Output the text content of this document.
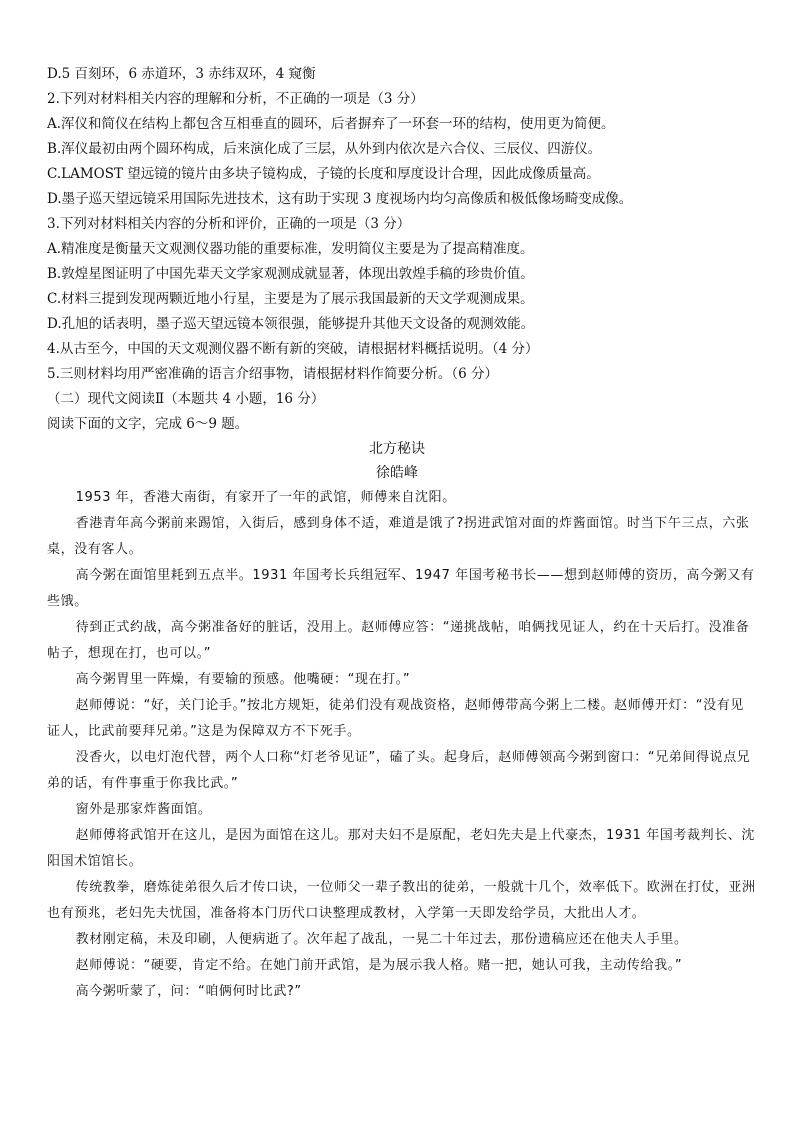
D.5 百刻环，6 赤道环，3 赤纬双环，4 窥衡
2.下列对材料相关内容的理解和分析，不正确的一项是（3 分）
A.浑仪和简仪在结构上都包含互相垂直的圆环，后者摒弃了一环套一环的结构，使用更为简便。
B.浑仪最初由两个圆环构成，后来演化成了三层，从外到内依次是六合仪、三辰仪、四游仪。
C.LAMOST 望远镜的镜片由多块子镜构成，子镜的长度和厚度设计合理，因此成像质量高。
D.墨子巡天望远镜采用国际先进技术，这有助于实现 3 度视场内均匀高像质和极低像场畸变成像。
3.下列对材料相关内容的分析和评价，正确的一项是（3 分）
A.精准度是衡量天文观测仪器功能的重要标准，发明简仪主要是为了提高精准度。
B.敦煌星图证明了中国先辈天文学家观测成就显著，体现出敦煌手稿的珍贵价值。
C.材料三提到发现两颗近地小行星，主要是为了展示我国最新的天文学观测成果。
D.孔旭的话表明，墨子巡天望远镜本领很强，能够提升其他天文设备的观测效能。
4.从古至今，中国的天文观测仪器不断有新的突破，请根据材料概括说明。（4 分）
5.三则材料均用严密准确的语言介绍事物，请根据材料作简要分析。（6 分）
（二）现代文阅读Ⅱ（本题共 4 小题，16 分）
阅读下面的文字，完成 6～9 题。
北方秘诀
徐皓峰

1953 年，香港大南街，有家开了一年的武馆，师傅来自沈阳。

香港青年高今粥前来踢馆，入街后，感到身体不适，难道是饿了?拐进武馆对面的炸酱面馆。时当下午三点，六张桌，没有客人。

高今粥在面馆里耗到五点半。1931 年国考长兵组冠军、1947 年国考秘书长——想到赵师傅的资历，高今粥又有些饿。

待到正式约战，高今粥准备好的脏话，没用上。赵师傅应答：“递挑战帖，咱俩找见证人，约在十天后打。没准备帖子，想现在打，也可以。”

高今粥胃里一阵燥，有要输的预感。他嘴硬：“现在打。”

赵师傅说：“好，关门论手。”按北方规矩，徒弟们没有观战资格，赵师傅带高今粥上二楼。赵师傅开灯：“没有见证人，比武前要拜兄弟。”这是为保障双方不下死手。

没香火，以电灯泡代替，两个人口称“灯老爷见证”，磕了头。起身后，赵师傅领高今粥到窗口：“兄弟间得说点兄弟的话，有件事重于你我比武。”

窗外是那家炸酱面馆。

赵师傅将武馆开在这儿，是因为面馆在这儿。那对夫妇不是原配，老妇先夫是上代豪杰，1931 年国考裁判长、沈阳国术馆馆长。

传统教拳，磨炼徒弟很久后才传口诀，一位师父一辈子教出的徒弟，一般就十几个，效率低下。欧洲在打仗，亚洲也有预兆，老妇先夫忧国，准备将本门历代口诀整理成教材，入学第一天即发给学员，大批出人才。

教材刚定稿，未及印刷，人便病逝了。次年起了战乱，一晃二十年过去，那份遗稿应还在他夫人手里。

赵师傅说：“硬要，肯定不给。在她门前开武馆，是为展示我人格。赌一把，她认可我，主动传给我。”

高今粥听蒙了，问：“咱俩何时比武?”
